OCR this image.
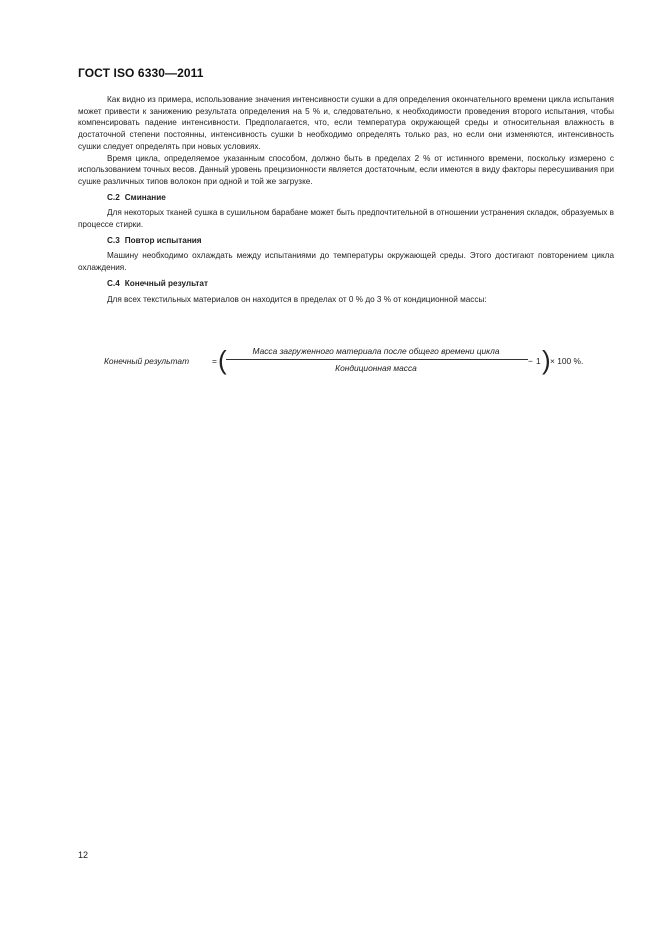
ГОСТ ISO 6330—2011

Как видно из примера, использование значения интенсивности сушки a для определения окончательного времени цикла испытания может привести к занижению результата определения на 5 % и, следовательно, к необходимости проведения второго испытания, чтобы компенсировать падение интенсивности. Предполагается, что, если температура окружающей среды и относительная влажность в достаточной степени постоянны, интенсивность сушки b необходимо определять только раз, но если они изменяются, интенсивность сушки следует определять при новых условиях.

Время цикла, определяемое указанным способом, должно быть в пределах 2 % от истинного времени, поскольку измерено с использованием точных весов. Данный уровень прецизионности является достаточным, если имеются в виду факторы пересушивания при сушке различных типов волокон при одной и той же загрузке.

С.2 Сминание

Для некоторых тканей сушка в сушильном барабане может быть предпочтительной в отношении устранения складок, образуемых в процессе стирки.

С.3 Повтор испытания

Машину необходимо охлаждать между испытаниями до температуры окружающей среды. Этого достигают повторением цикла охлаждения.

С.4 Конечный результат

Для всех текстильных материалов он находится в пределах от 0 % до 3 % от кондиционной массы:

Конечный результат	= (	Масса загруженного материала после общего времени цикла
Кондиционная масса
− 1 ) × 100 %.
12
